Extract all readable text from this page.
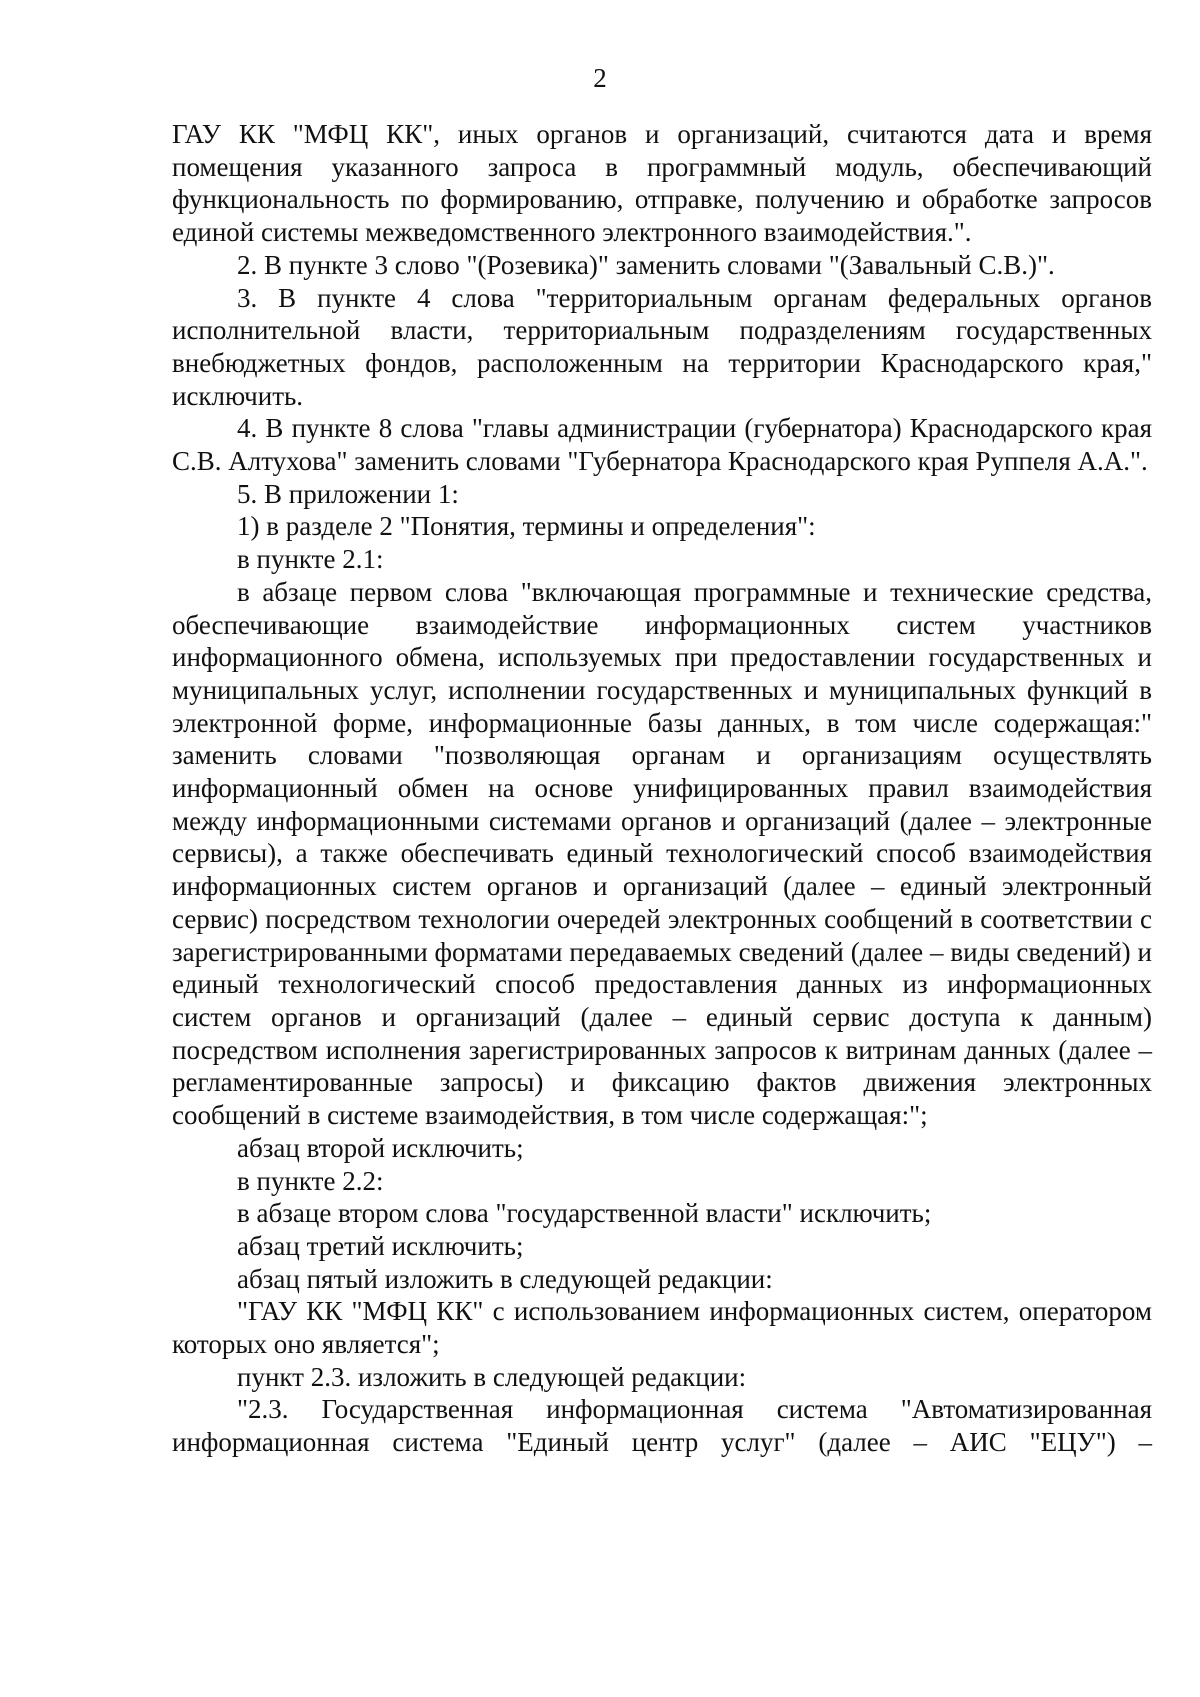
2

ГАУ КК "МФЦ КК", иных органов и организаций, считаются дата и время помещения указанного запроса в программный модуль, обеспечивающий функциональность по формированию, отправке, получению и обработке запросов единой системы межведомственного электронного взаимодействия.".

2. В пункте 3 слово "(Розевика)" заменить словами "(Завальный С.В.)".

3. В пункте 4 слова "территориальным органам федеральных органов исполнительной власти, территориальным подразделениям государственных внебюджетных фондов, расположенным на территории Краснодарского края," исключить.

4. В пункте 8 слова "главы администрации (губернатора) Краснодарского края С.В. Алтухова" заменить словами "Губернатора Краснодарского края Руппеля А.А.".

5. В приложении 1:

1) в разделе 2 "Понятия, термины и определения":

в пункте 2.1:

в абзаце первом слова "включающая программные и технические средства, обеспечивающие взаимодействие информационных систем участников информационного обмена, используемых при предоставлении государственных и муниципальных услуг, исполнении государственных и муниципальных функций в электронной форме, информационные базы данных, в том числе содержащая:" заменить словами "позволяющая органам и организациям осуществлять информационный обмен на основе унифицированных правил взаимодействия между информационными системами органов и организаций (далее – электронные сервисы), а также обеспечивать единый технологический способ взаимодействия информационных систем органов и организаций (далее – единый электронный сервис) посредством технологии очередей электронных сообщений в соответствии с зарегистрированными форматами передаваемых сведений (далее – виды сведений) и единый технологический способ предоставления данных из информационных систем органов и организаций (далее – единый сервис доступа к данным) посредством исполнения зарегистрированных запросов к витринам данных (далее – регламентированные запросы) и фиксацию фактов движения электронных сообщений в системе взаимодействия, в том числе содержащая:";

абзац второй исключить;

в пункте 2.2:

в абзаце втором слова "государственной власти" исключить;

абзац третий исключить;

абзац пятый изложить в следующей редакции:

"ГАУ КК "МФЦ КК" с использованием информационных систем, оператором которых оно является";

пункт 2.3. изложить в следующей редакции:

"2.3. Государственная информационная система "Автоматизированная информационная система "Единый центр услуг" (далее – АИС "ЕЦУ") –
